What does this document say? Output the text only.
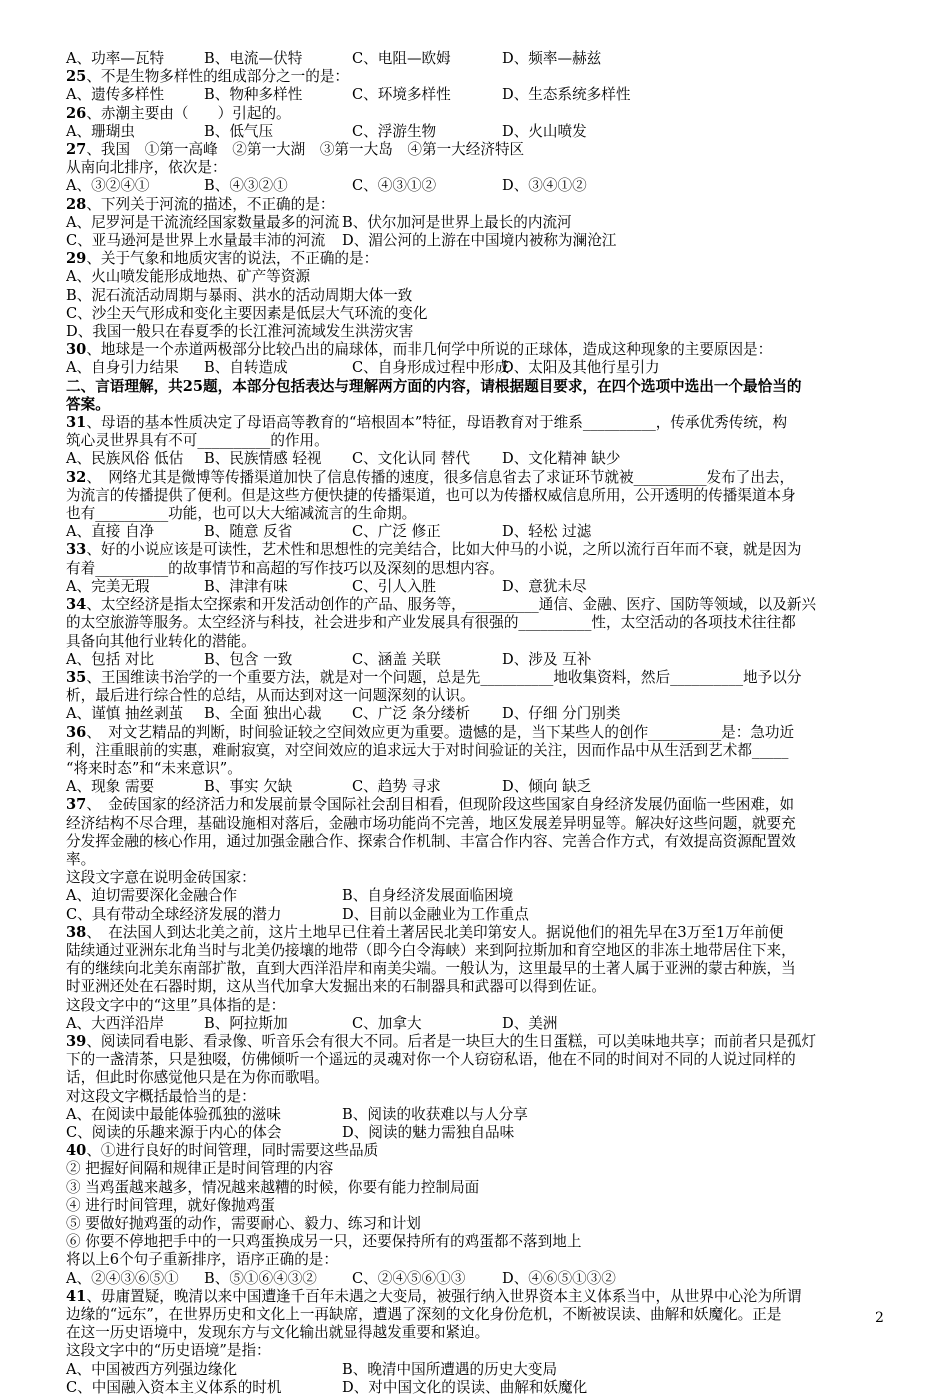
A、功率—瓦特	B、电流—伏特	C、电阻—欧姆	D、频率—赫兹
25、不是生物多样性的组成部分之一的是：
A、遗传多样性	B、物种多样性	C、环境多样性	D、生态系统多样性
26、赤潮主要由（　　）引起的。
A、珊瑚虫	B、低气压	C、浮游生物	D、火山喷发
27、我国　①第一高峰　②第一大湖　③第一大岛　④第一大经济特区
从南向北排序，依次是：
A、③②④①	B、④③②①	C、④③①②	D、③④①②
28、下列关于河流的描述，不正确的是：
A、尼罗河是干流流经国家数量最多的河流 B、伏尔加河是世界上最长的内流河
C、亚马逊河是世界上水量最丰沛的河流	D、湄公河的上游在中国境内被称为澜沧江
29、关于气象和地质灾害的说法，不正确的是：
A、火山喷发能形成地热、矿产等资源
B、泥石流活动周期与暴雨、洪水的活动周期大体一致
C、沙尘天气形成和变化主要因素是低层大气环流的变化
D、我国一般只在春夏季的长江淮河流域发生洪涝灾害
30、地球是一个赤道两极部分比较凸出的扁球体，而非几何学中所说的正球体，造成这种现象的主要原因是：
A、自身引力结果	B、自转造成	C、自身形成过程中形成
D、太阳及其他行星引力
二、言语理解，共25题，本部分包括表达与理解两方面的内容，请根据题目要求，在四个选项中选出一个最恰当的
答案。
31、母语的基本性质决定了母语高等教育的“培根固本”特征，母语教育对于维系__________，传承优秀传统，构
筑心灵世界具有不可__________的作用。
A、民族风俗 低估	B、民族情感 轻视	C、文化认同 替代	D、文化精神 缺少
32、　网络尤其是微博等传播渠道加快了信息传播的速度，很多信息省去了求证环节就被__________发布了出去，
为流言的传播提供了便利。但是这些方便快捷的传播渠道，也可以为传播权威信息所用，公开透明的传播渠道本身
也有__________功能，也可以大大缩减流言的生命期。
A、直接 自净	B、随意 反省	C、广泛 修正	D、轻松 过滤
33、好的小说应该是可读性，艺术性和思想性的完美结合，比如大仲马的小说，之所以流行百年而不衰，就是因为
有着__________的故事情节和高超的写作技巧以及深刻的思想内容。
A、完美无瑕	B、津津有味	C、引人入胜	D、意犹未尽
34、太空经济是指太空探索和开发活动创作的产品、服务等，__________通信、金融、医疗、国防等领域，以及新兴
的太空旅游等服务。太空经济与科技，社会进步和产业发展具有很强的__________性，太空活动的各项技术往往都
具备向其他行业转化的潜能。
A、包括 对比	B、包含 一致	C、涵盖 关联	D、涉及 互补
35、王国维读书治学的一个重要方法，就是对一个问题，总是先__________地收集资料，然后__________地予以分
析，最后进行综合性的总结，从而达到对这一问题深刻的认识。
A、谨慎 抽丝剥茧	B、全面 独出心裁	C、广泛 条分缕析	D、仔细 分门别类
36、　对文艺精品的判断，时间验证较之空间效应更为重要。遗憾的是，当下某些人的创作__________是：急功近
利，注重眼前的实惠，难耐寂寞，对空间效应的追求远大于对时间验证的关注，因而作品中从生活到艺术都_____
“将来时态”和“未来意识”。
A、现象 需要	B、事实 欠缺	C、趋势 寻求	D、倾向 缺乏
37、　金砖国家的经济活力和发展前景令国际社会刮目相看，但现阶段这些国家自身经济发展仍面临一些困难，如
经济结构不尽合理，基础设施相对落后，金融市场功能尚不完善，地区发展差异明显等。解决好这些问题，就要充
分发挥金融的核心作用，通过加强金融合作、探索合作机制、丰富合作内容、完善合作方式，有效提高资源配置效
率。
这段文字意在说明金砖国家：
A、迫切需要深化金融合作	B、自身经济发展面临困境
C、具有带动全球经济发展的潜力	D、目前以金融业为工作重点
38、　在法国人到达北美之前，这片土地早已住着土著居民北美印第安人。据说他们的祖先早在3万至1万年前便
陆续通过亚洲东北角当时与北美仍接壤的地带（即今白令海峡）来到阿拉斯加和育空地区的非冻土地带居住下来，
有的继续向北美东南部扩散，直到大西洋沿岸和南美尖端。一般认为，这里最早的土著人属于亚洲的蒙古种族，当
时亚洲还处在石器时期，这从当代加拿大发掘出来的石制器具和武器可以得到佐证。
这段文字中的“这里”具体指的是：
A、大西洋沿岸	B、阿拉斯加	C、加拿大	D、美洲
39、阅读同看电影、看录像、听音乐会有很大不同。后者是一块巨大的生日蛋糕，可以美味地共享；而前者只是孤灯
下的一盏清茶，只是独啜，仿佛倾听一个遥远的灵魂对你一个人窃窃私语，他在不同的时间对不同的人说过同样的
话，但此时你感觉他只是在为你而歌唱。
对这段文字概括最恰当的是：
A、在阅读中最能体验孤独的滋味	B、阅读的收获难以与人分享
C、阅读的乐趣来源于内心的体会	D、阅读的魅力需独自品味
40、①进行良好的时间管理，同时需要这些品质
② 把握好间隔和规律正是时间管理的内容
③ 当鸡蛋越来越多，情况越来越糟的时候，你要有能力控制局面
④ 进行时间管理，就好像抛鸡蛋
⑤ 要做好抛鸡蛋的动作，需要耐心、毅力、练习和计划
⑥ 你要不停地把手中的一只鸡蛋换成另一只，还要保持所有的鸡蛋都不落到地上
将以上6个句子重新排序，语序正确的是：
A、②④③⑥⑤①	B、⑤①⑥④③②	C、②④⑤⑥①③	D、④⑥⑤①③②
41、毋庸置疑，晚清以来中国遭逢千百年未遇之大变局，被强行纳入世界资本主义体系当中，从世界中心沦为所谓
边缘的“远东”，在世界历史和文化上一再缺席，遭遇了深刻的文化身份危机，不断被误读、曲解和妖魔化。正是
在这一历史语境中，发现东方与文化输出就显得越发重要和紧迫。
这段文字中的“历史语境”是指：
A、中国被西方列强边缘化	B、晚清中国所遭遇的历史大变局
C、中国融入资本主义体系的时机	D、对中国文化的误读、曲解和妖魔化
2
